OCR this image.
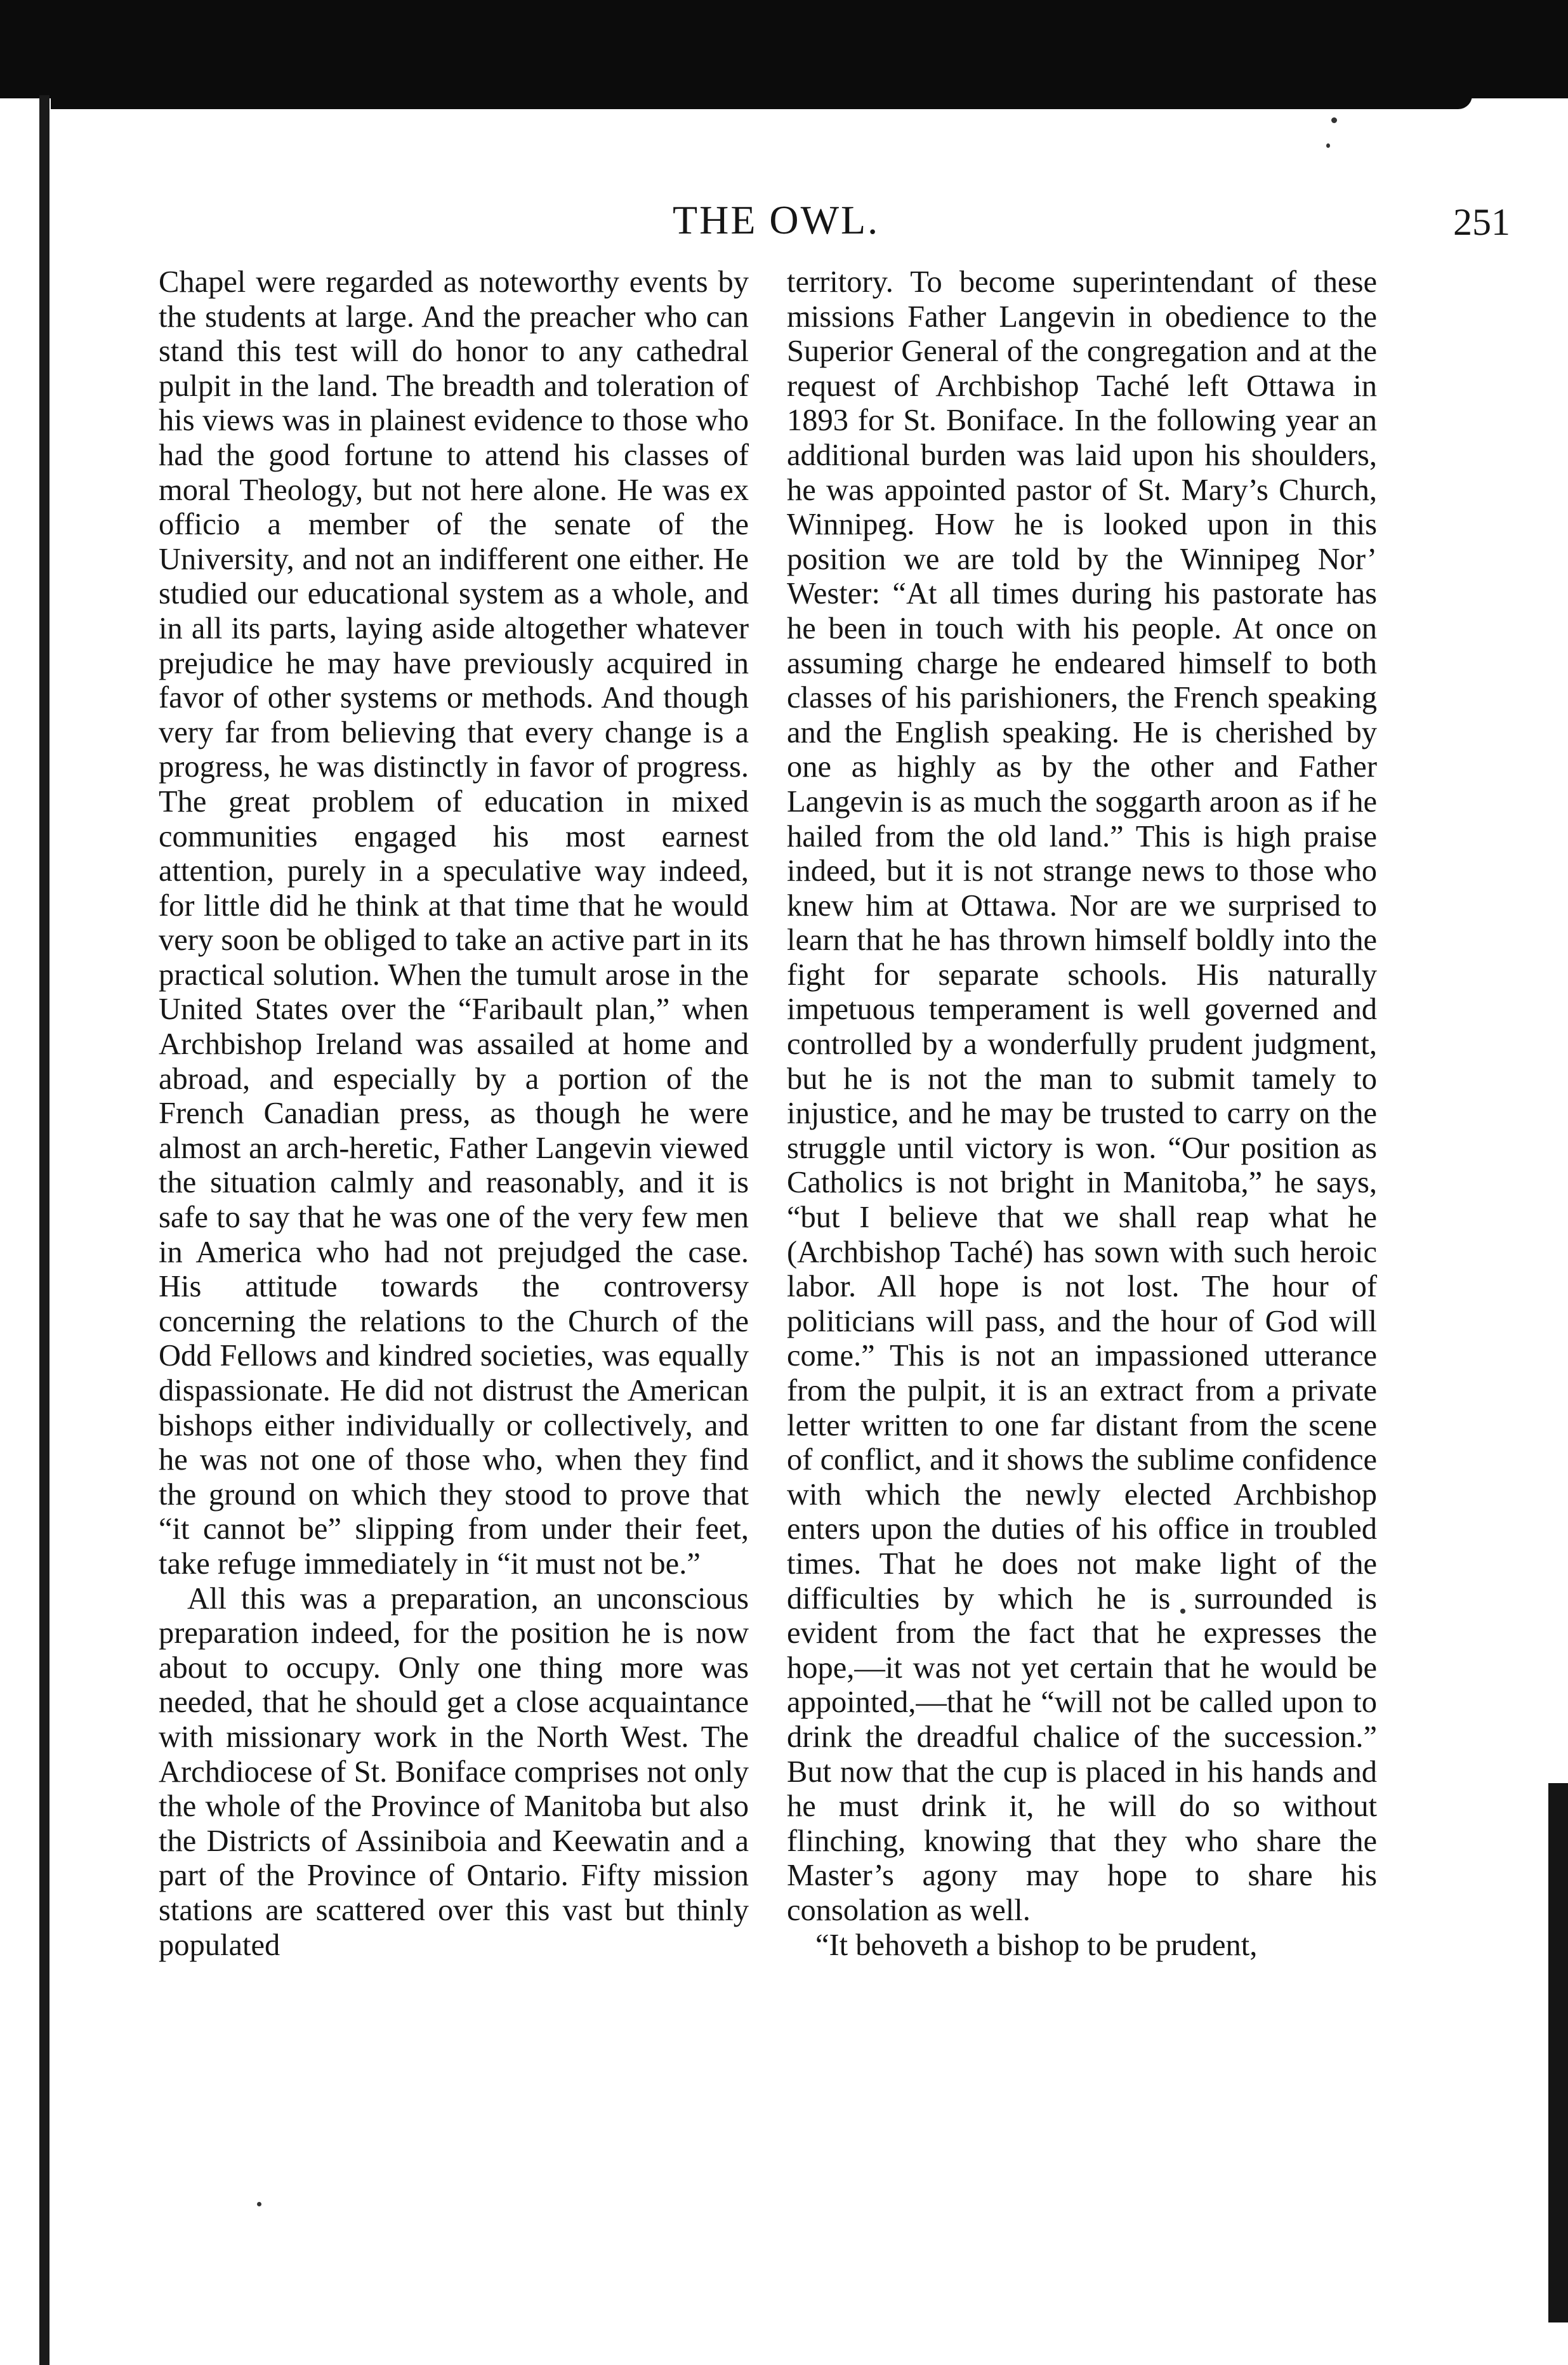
THE OWL.	251

Chapel were regarded as noteworthy events by the students at large. And the preacher who can stand this test will do honor to any cathedral pulpit in the land. The breadth and toleration of his views was in plainest evidence to those who had the good fortune to attend his classes of moral Theology, but not here alone. He was ex officio a member of the senate of the University, and not an indifferent one either. He studied our educational system as a whole, and in all its parts, laying aside altogether whatever prejudice he may have previously acquired in favor of other systems or methods. And though very far from believing that every change is a progress, he was distinctly in favor of progress. The great problem of education in mixed communities engaged his most earnest attention, purely in a speculative way indeed, for little did he think at that time that he would very soon be obliged to take an active part in its practical solution. When the tumult arose in the United States over the “Faribault plan,” when Archbishop Ireland was assailed at home and abroad, and especially by a portion of the French Canadian press, as though he were almost an arch-heretic, Father Langevin viewed the situation calmly and reasonably, and it is safe to say that he was one of the very few men in America who had not prejudged the case. His attitude towards the controversy concerning the relations to the Church of the Odd Fellows and kindred societies, was equally dispassionate. He did not distrust the American bishops either individually or collectively, and he was not one of those who, when they find the ground on which they stood to prove that “it cannot be” slipping from under their feet, take refuge immediately in “it must not be.”

All this was a preparation, an unconscious preparation indeed, for the position he is now about to occupy. Only one thing more was needed, that he should get a close acquaintance with missionary work in the North West. The Archdiocese of St. Boniface comprises not only the whole of the Province of Manitoba but also the Districts of Assiniboia and Keewatin and a part of the Province of Ontario. Fifty mission stations are scattered over this vast but thinly populated

territory. To become superintendant of these missions Father Langevin in obedience to the Superior General of the congregation and at the request of Archbishop Taché left Ottawa in 1893 for St. Boniface. In the following year an additional burden was laid upon his shoulders, he was appointed pastor of St. Mary’s Church, Winnipeg. How he is looked upon in this position we are told by the Winnipeg Nor’ Wester: “At all times during his pastorate has he been in touch with his people. At once on assuming charge he endeared himself to both classes of his parishioners, the French speaking and the English speaking. He is cherished by one as highly as by the other and Father Langevin is as much the soggarth aroon as if he hailed from the old land.” This is high praise indeed, but it is not strange news to those who knew him at Ottawa. Nor are we surprised to learn that he has thrown himself boldly into the fight for separate schools. His naturally impetuous temperament is well governed and controlled by a wonderfully prudent judgment, but he is not the man to submit tamely to injustice, and he may be trusted to carry on the struggle until victory is won. “Our position as Catholics is not bright in Manitoba,” he says, “but I believe that we shall reap what he (Archbishop Taché) has sown with such heroic labor. All hope is not lost. The hour of politicians will pass, and the hour of God will come.” This is not an impassioned utterance from the pulpit, it is an extract from a private letter written to one far distant from the scene of conflict, and it shows the sublime confidence with which the newly elected Archbishop enters upon the duties of his office in troubled times. That he does not make light of the difficulties by which he is surrounded is evident from the fact that he expresses the hope,—it was not yet certain that he would be appointed,—that he “will not be called upon to drink the dreadful chalice of the succession.” But now that the cup is placed in his hands and he must drink it, he will do so without flinching, knowing that they who share the Master’s agony may hope to share his consolation as well.

“It behoveth a bishop to be prudent,
